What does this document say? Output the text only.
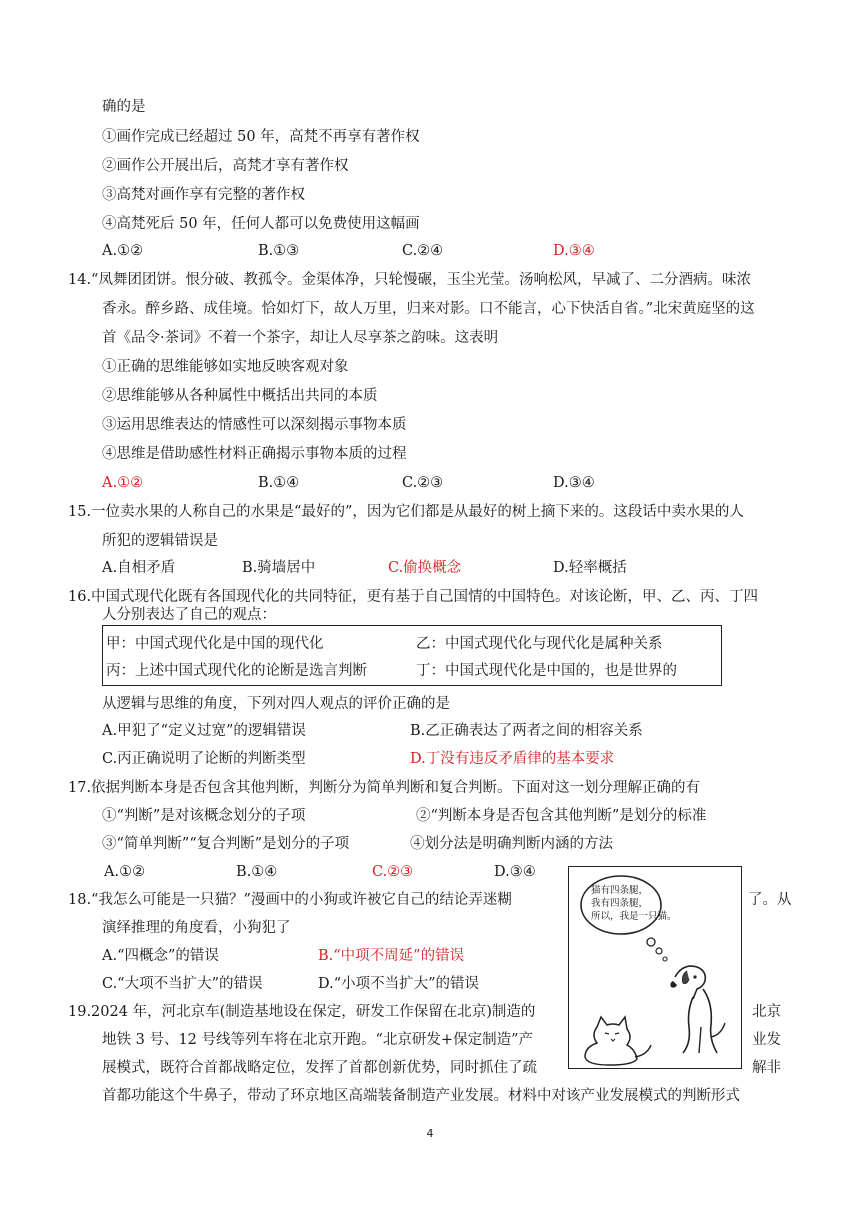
确的是
①画作完成已经超过 50 年，高梵不再享有著作权
②画作公开展出后，高梵才享有著作权
③高梵对画作享有完整的著作权
④高梵死后 50 年，任何人都可以免费使用这幅画
A.①②	B.①③	C.②④	D.③④
14.“凤舞团团饼。恨分破、教孤令。金渠体净，只轮慢碾，玉尘光莹。汤响松风，早减了、二分酒病。味浓
香永。醉乡路、成佳境。恰如灯下，故人万里，归来对影。口不能言，心下快活自省。”北宋黄庭坚的这
首《品令·茶词》不着一个茶字，却让人尽享茶之韵味。这表明
①正确的思维能够如实地反映客观对象
②思维能够从各种属性中概括出共同的本质
③运用思维表达的情感性可以深刻揭示事物本质
④思维是借助感性材料正确揭示事物本质的过程
A.①②	B.①④	C.②③	D.③④
15.一位卖水果的人称自己的水果是“最好的”，因为它们都是从最好的树上摘下来的。这段话中卖水果的人
所犯的逻辑错误是
A.自相矛盾	B.骑墙居中	C.偷换概念	D.轻率概括
16.中国式现代化既有各国现代化的共同特征，更有基于自己国情的中国特色。对该论断，甲、乙、丙、丁四
人分别表达了自己的观点：
甲：中国式现代化是中国的现代化	乙：中国式现代化与现代化是属种关系
丙：上述中国式现代化的论断是选言判断	丁：中国式现代化是中国的，也是世界的
从逻辑与思维的角度，下列对四人观点的评价正确的是
A.甲犯了“定义过宽”的逻辑错误	B.乙正确表达了两者之间的相容关系
C.丙正确说明了论断的判断类型	D.丁没有违反矛盾律的基本要求
17.依据判断本身是否包含其他判断，判断分为简单判断和复合判断。下面对这一划分理解正确的有
①“判断”是对该概念划分的子项	②“判断本身是否包含其他判断”是划分的标准
③“简单判断”“复合判断”是划分的子项	④划分法是明确判断内涵的方法
A.①②	B.①④	C.②③	D.③④
18.“我怎么可能是一只猫？”漫画中的小狗或许被它自己的结论弄迷糊	了。从
演绎推理的角度看，小狗犯了
A.“四概念”的错误	B.“中项不周延”的错误
C.“大项不当扩大”的错误	D.“小项不当扩大”的错误
猫有四条腿，
我有四条腿，
所以，我是一只猫。
19.2024 年，河北京车(制造基地设在保定，研发工作保留在北京)制造的	北京
地铁 3 号、12 号线等列车将在北京开跑。“北京研发+保定制造”产	业发
展模式，既符合首都战略定位，发挥了首都创新优势，同时抓住了疏	解非
首都功能这个牛鼻子，带动了环京地区高端装备制造产业发展。材料中对该产业发展模式的判断形式
4
